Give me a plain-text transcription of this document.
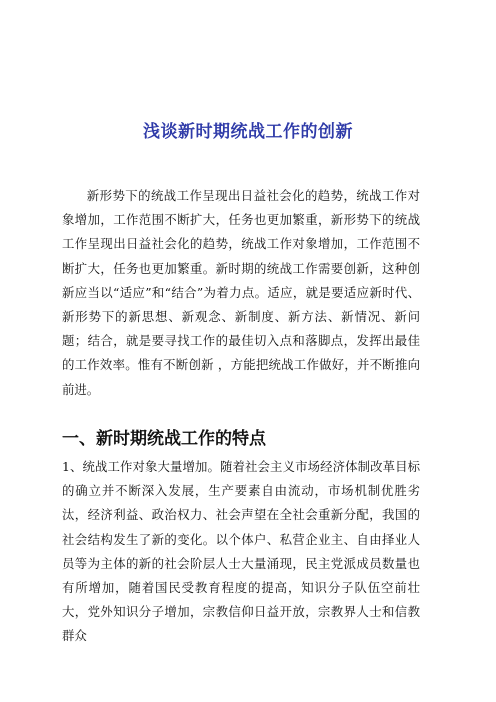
浅谈新时期统战工作的创新

新形势下的统战工作呈现出日益社会化的趋势，统战工作对象增加，工作范围不断扩大，任务也更加繁重，新形势下的统战工作呈现出日益社会化的趋势，统战工作对象增加，工作范围不断扩大，任务也更加繁重。新时期的统战工作需要创新，这种创新应当以“适应”和“结合”为着力点。适应，就是要适应新时代、新形势下的新思想、新观念、新制度、新方法、新情况、新问题；结合，就是要寻找工作的最佳切入点和落脚点，发挥出最佳的工作效率。惟有不断创新 ，方能把统战工作做好，并不断推向前进。

一、新时期统战工作的特点

1、统战工作对象大量增加。随着社会主义市场经济体制改革目标的确立并不断深入发展，生产要素自由流动，市场机制优胜劣汰，经济利益、政治权力、社会声望在全社会重新分配，我国的社会结构发生了新的变化。以个体户、私营企业主、自由择业人员等为主体的新的社会阶层人士大量涌现，民主党派成员数量也有所增加，随着国民受教育程度的提高，知识分子队伍空前壮大，党外知识分子增加，宗教信仰日益开放，宗教界人士和信教群众
